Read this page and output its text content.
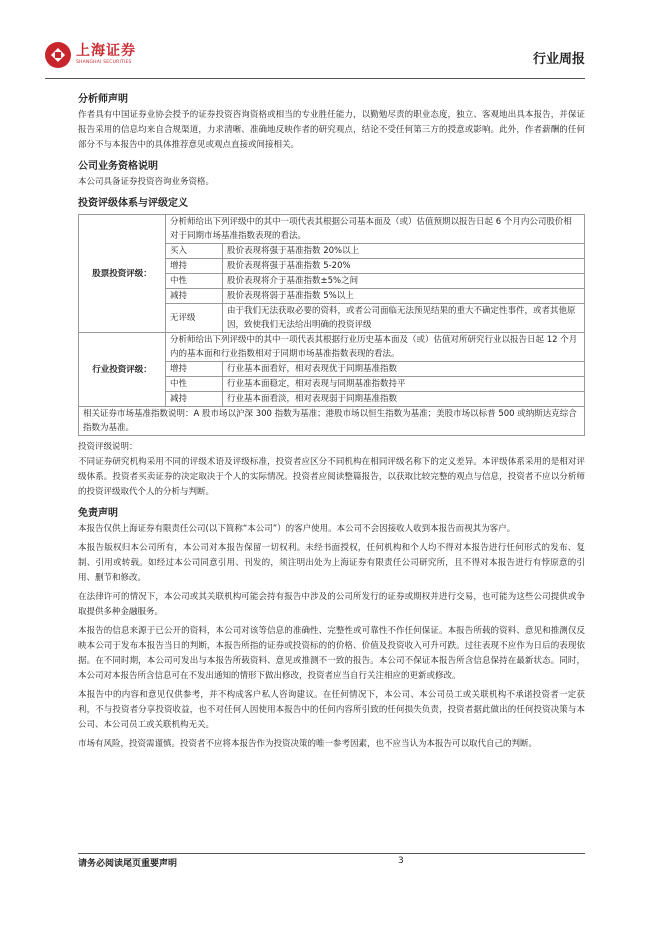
上海证券
SHANGHAI SECURITIES	行业周报
分析师声明

作者具有中国证券业协会授予的证券投资咨询资格或相当的专业胜任能力，以勤勉尽责的职业态度，独立、客观地出具本报告，并保证报告采用的信息均来自合规渠道，力求清晰、准确地反映作者的研究观点，结论不受任何第三方的授意或影响。此外，作者薪酬的任何部分不与本报告中的具体推荐意见或观点直接或间接相关。

公司业务资格说明

本公司具备证券投资咨询业务资格。

投资评级体系与评级定义
股票投资评级：	分析师给出下列评级中的其中一项代表其根据公司基本面及（或）估值预期以报告日起 6 个月内公司股价相对于同期市场基准指数表现的看法。	
	买入	股价表现将强于基准指数 20%以上
	增持	股价表现将强于基准指数 5-20%
	中性	股价表现将介于基准指数±5%之间
	减持	股价表现将弱于基准指数 5%以上
	无评级	由于我们无法获取必要的资料，或者公司面临无法预见结果的重大不确定性事件，或者其他原因，致使我们无法给出明确的投资评级
行业投资评级：	分析师给出下列评级中的其中一项代表其根据行业历史基本面及（或）估值对所研究行业以报告日起 12 个月内的基本面和行业指数相对于同期市场基准指数表现的看法。	
	增持	行业基本面看好，相对表现优于同期基准指数
	中性	行业基本面稳定，相对表现与同期基准指数持平
	减持	行业基本面看淡，相对表现弱于同期基准指数
相关证券市场基准指数说明：A 股市场以沪深 300 指数为基准；港股市场以恒生指数为基准；美股市场以标普 500 或纳斯达克综合指数为基准。		

投资评级说明：

不同证券研究机构采用不同的评级术语及评级标准，投资者应区分不同机构在相同评级名称下的定义差异。本评级体系采用的是相对评级体系。投资者买卖证券的决定取决于个人的实际情况。投资者应阅读整篇报告，以获取比较完整的观点与信息，投资者不应以分析师的投资评级取代个人的分析与判断。

免责声明

本报告仅供上海证券有限责任公司(以下简称“本公司”）的客户使用。本公司不会因接收人收到本报告而视其为客户。

本报告版权归本公司所有，本公司对本报告保留一切权利。未经书面授权，任何机构和个人均不得对本报告进行任何形式的发布、复制、引用或转载。如经过本公司同意引用、刊发的，须注明出处为上海证券有限责任公司研究所，且不得对本报告进行有悖原意的引用、删节和修改。

在法律许可的情况下，本公司或其关联机构可能会持有报告中涉及的公司所发行的证券或期权并进行交易，也可能为这些公司提供或争取提供多种金融服务。

本报告的信息来源于已公开的资料，本公司对该等信息的准确性、完整性或可靠性不作任何保证。本报告所载的资料、意见和推测仅反映本公司于发布本报告当日的判断，本报告所指的证券或投资标的的价格、价值及投资收入可升可跌。过往表现不应作为日后的表现依据。在不同时期，本公司可发出与本报告所载资料、意见或推测不一致的报告。本公司不保证本报告所含信息保持在最新状态。同时，本公司对本报告所含信息可在不发出通知的情形下做出修改，投资者应当自行关注相应的更新或修改。

本报告中的内容和意见仅供参考，并不构成客户私人咨询建议。在任何情况下，本公司、本公司员工或关联机构不承诺投资者一定获利，不与投资者分享投资收益，也不对任何人因使用本报告中的任何内容所引致的任何损失负责，投资者据此做出的任何投资决策与本公司、本公司员工或关联机构无关。

市场有风险，投资需谨慎。投资者不应将本报告作为投资决策的唯一参考因素，也不应当认为本报告可以取代自己的判断。

请务必阅读尾页重要声明	3
